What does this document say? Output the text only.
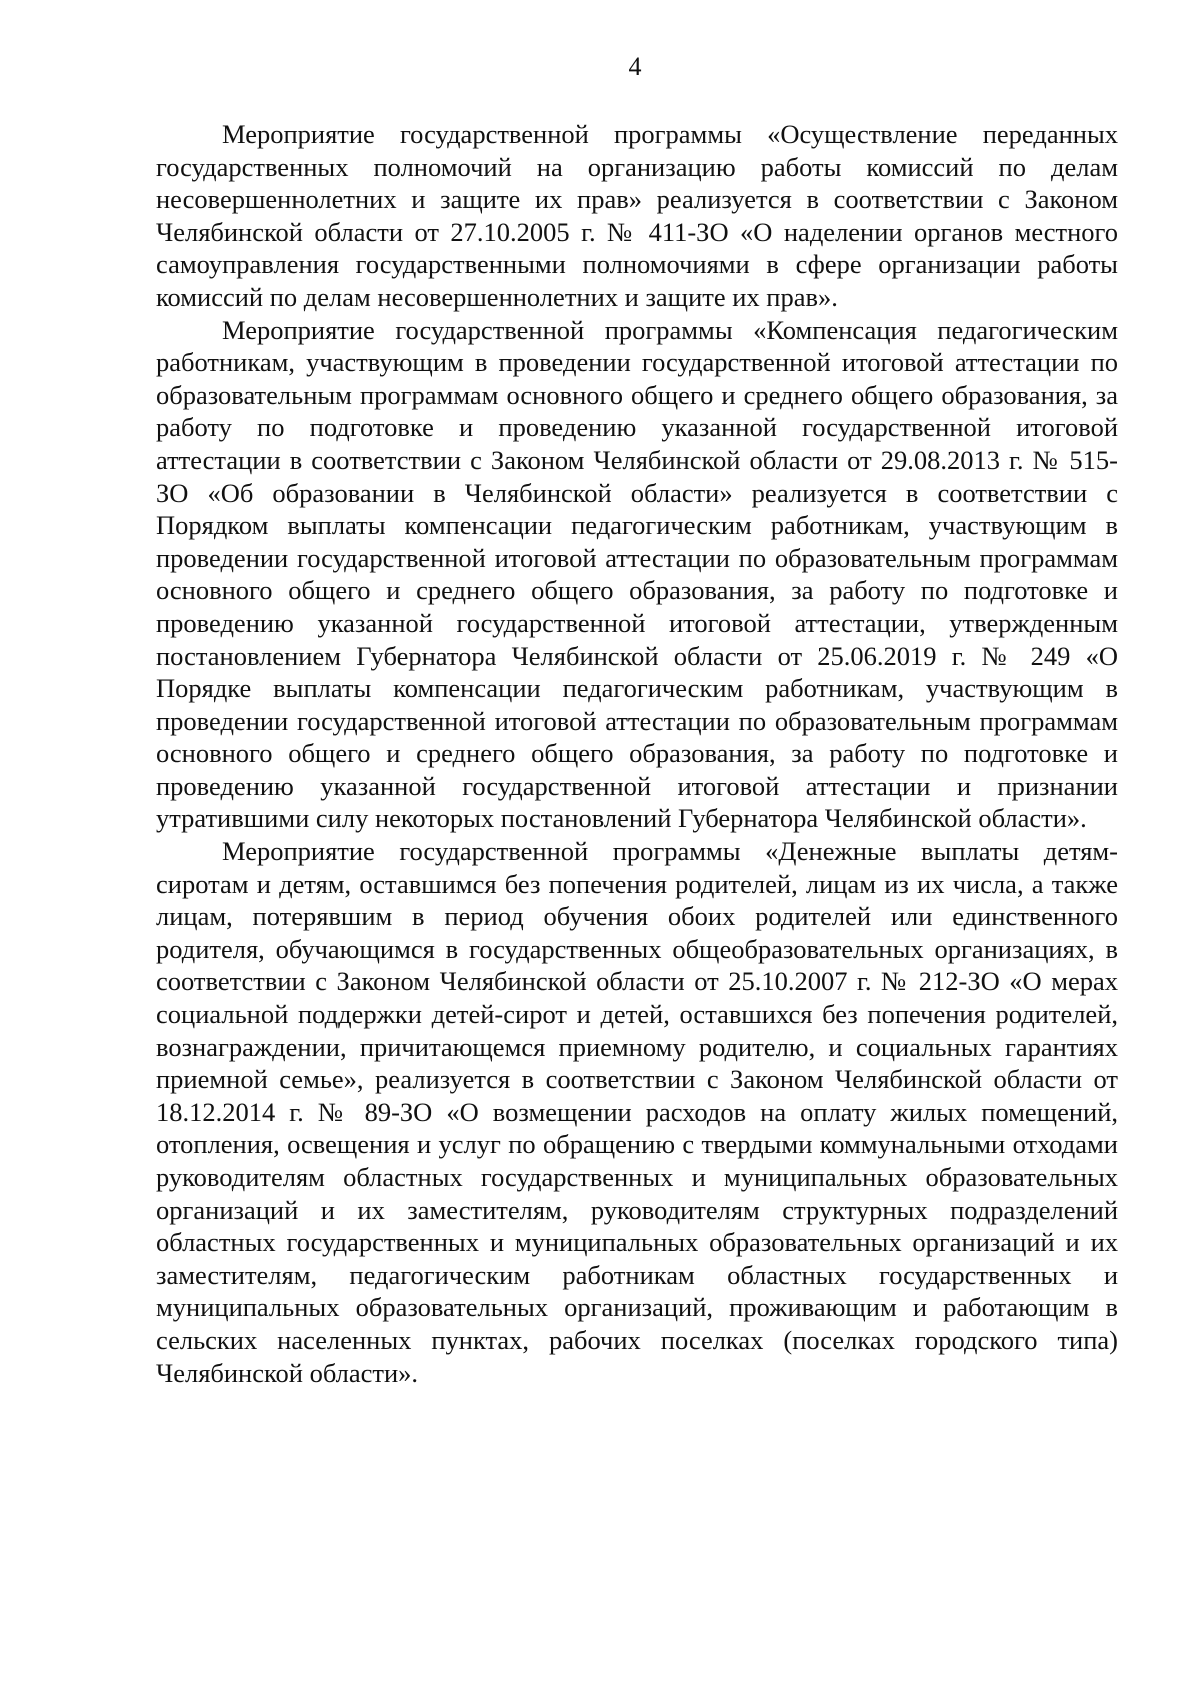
4

Мероприятие государственной программы «Осуществление переданных государственных полномочий на организацию работы комиссий по делам несовершеннолетних и защите их прав» реализуется в соответствии с Законом Челябинской области от 27.10.2005 г. № 411-ЗО «О наделении органов местного самоуправления государственными полномочиями в сфере организации работы комиссий по делам несовершеннолетних и защите их прав».

Мероприятие государственной программы «Компенсация педагогическим работникам, участвующим в проведении государственной итоговой аттестации по образовательным программам основного общего и среднего общего образования, за работу по подготовке и проведению указанной государственной итоговой аттестации в соответствии с Законом Челябинской области от 29.08.2013 г. № 515-ЗО «Об образовании в Челябинской области» реализуется в соответствии с Порядком выплаты компенсации педагогическим работникам, участвующим в проведении государственной итоговой аттестации по образовательным программам основного общего и среднего общего образования, за работу по подготовке и проведению указанной государственной итоговой аттестации, утвержденным постановлением Губернатора Челябинской области от 25.06.2019 г. № 249 «О Порядке выплаты компенсации педагогическим работникам, участвующим в проведении государственной итоговой аттестации по образовательным программам основного общего и среднего общего образования, за работу по подготовке и проведению указанной государственной итоговой аттестации и признании утратившими силу некоторых постановлений Губернатора Челябинской области».

Мероприятие государственной программы «Денежные выплаты детям-сиротам и детям, оставшимся без попечения родителей, лицам из их числа, а также лицам, потерявшим в период обучения обоих родителей или единственного родителя, обучающимся в государственных общеобразовательных организациях, в соответствии с Законом Челябинской области от 25.10.2007 г. № 212-ЗО «О мерах социальной поддержки детей-сирот и детей, оставшихся без попечения родителей, вознаграждении, причитающемся приемному родителю, и социальных гарантиях приемной семье», реализуется в соответствии с Законом Челябинской области от 18.12.2014 г. № 89-ЗО «О возмещении расходов на оплату жилых помещений, отопления, освещения и услуг по обращению с твердыми коммунальными отходами руководителям областных государственных и муниципальных образовательных организаций и их заместителям, руководителям структурных подразделений областных государственных и муниципальных образовательных организаций и их заместителям, педагогическим работникам областных государственных и муниципальных образовательных организаций, проживающим и работающим в сельских населенных пунктах, рабочих поселках (поселках городского типа) Челябинской области».
